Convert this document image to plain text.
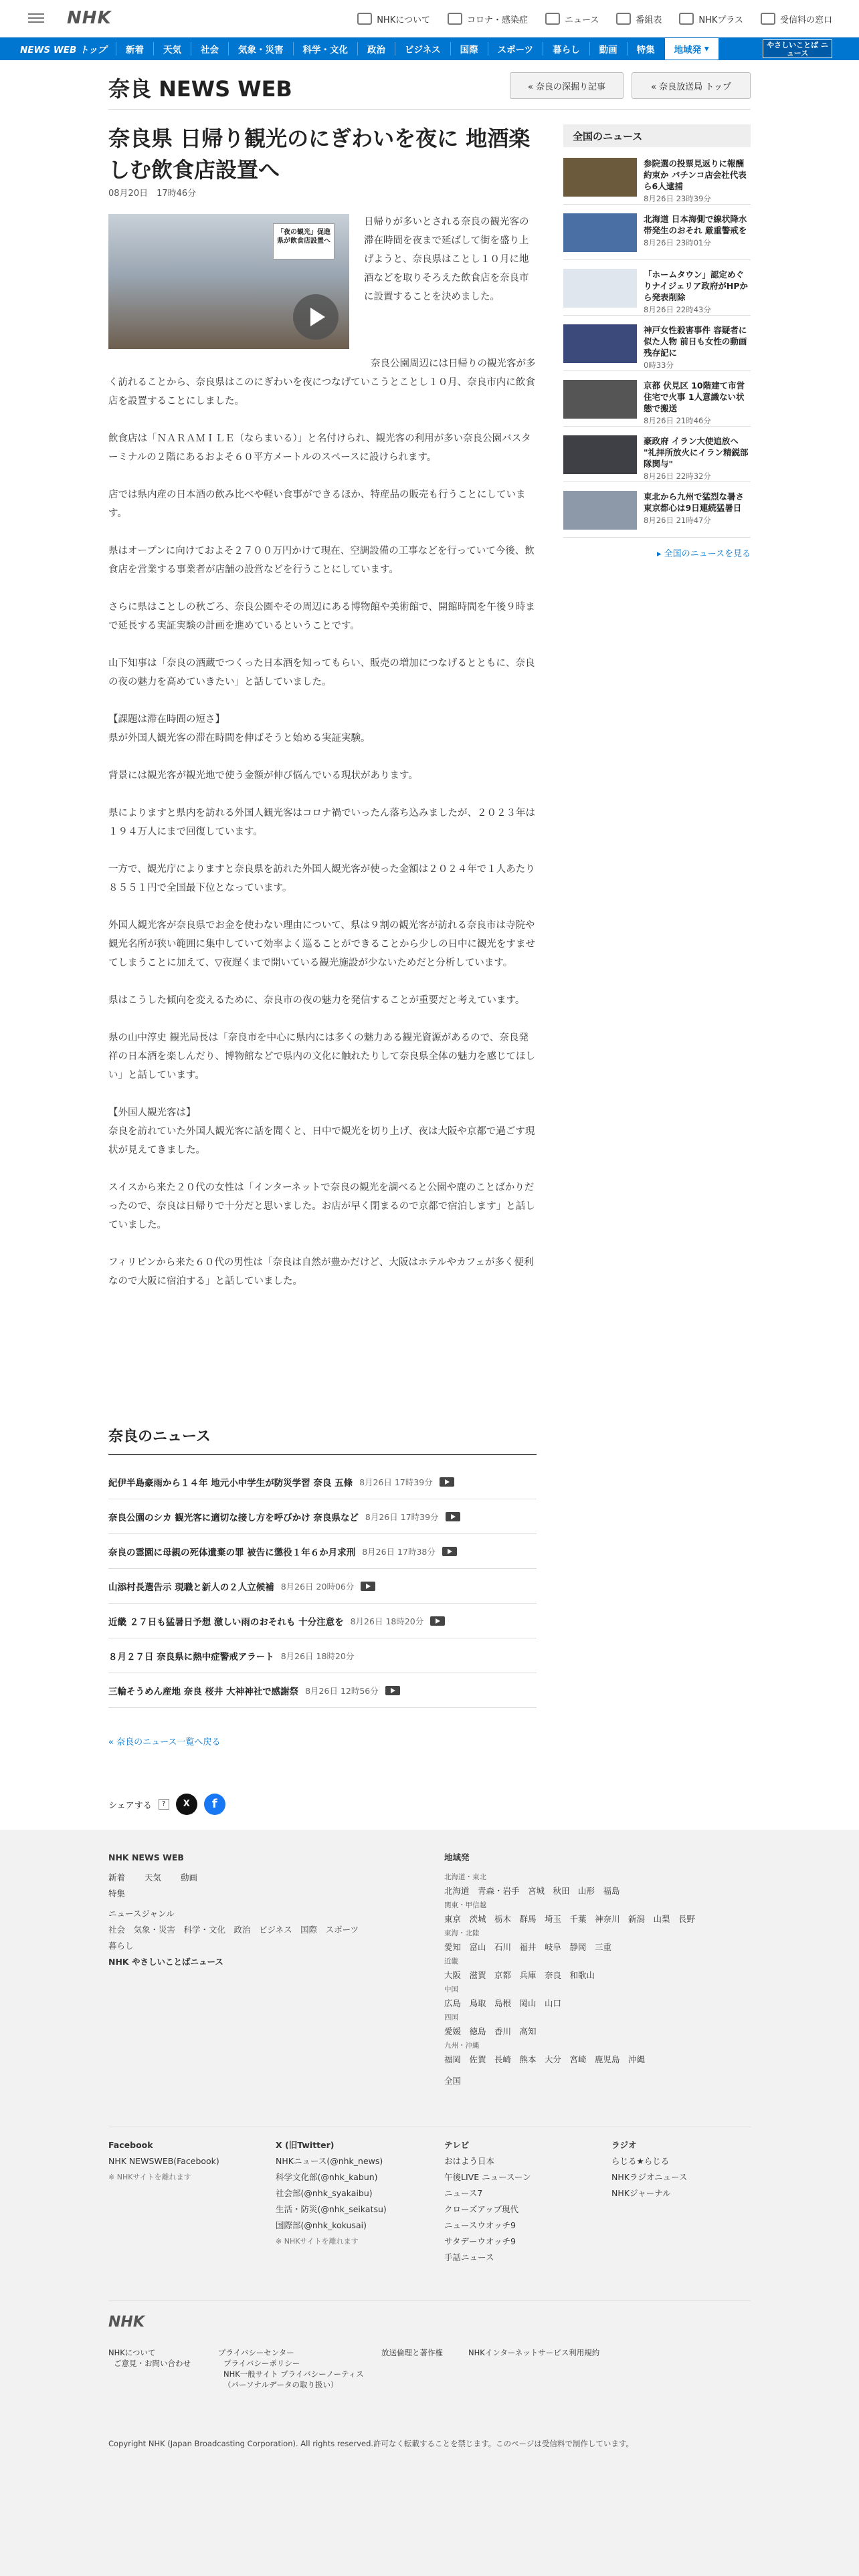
NHK	NHKについて	コロナ・感染症	ニュース	番組表	NHKプラス	受信料の窓口
NEWS WEB トップ	新着	天気	社会	気象・災害	科学・文化	政治	ビジネス	国際	スポーツ	暮らし	動画	特集	地域発 ▾	やさしいことば ニュース
奈良 NEWS WEB	« 奈良の深掘り記事	« 奈良放送局 トップ
奈良県 日帰り観光のにぎわいを夜に 地酒楽しむ飲食店設置へ
08月20日　17時46分
「夜の観光」促進 県が飲食店設置へ
日帰りが多いとされる奈良の観光客の滞在時間を夜まで延ばして街を盛り上げようと、奈良県はことし１０月に地酒などを取りそろえた飲食店を奈良市に設置することを決めました。

奈良公園周辺には日帰りの観光客が多く訪れることから、奈良県はこのにぎわいを夜につなげていこうとことし１０月、奈良市内に飲食店を設置することにしました。

飲食店は「ＮＡＲＡＭＩＬＥ（ならまいる）」と名付けられ、観光客の利用が多い奈良公園バスターミナルの２階にあるおよそ６０平方メートルのスペースに設けられます。

店では県内産の日本酒の飲み比べや軽い食事ができるほか、特産品の販売も行うことにしています。

県はオープンに向けておよそ２７００万円かけて現在、空調設備の工事などを行っていて今後、飲食店を営業する事業者が店舗の設営などを行うことにしています。

さらに県はことしの秋ごろ、奈良公園やその周辺にある博物館や美術館で、開館時間を午後９時まで延長する実証実験の計画を進めているということです。

山下知事は「奈良の酒蔵でつくった日本酒を知ってもらい、販売の増加につなげるとともに、奈良の夜の魅力を高めていきたい」と話していました。

【課題は滞在時間の短さ】
県が外国人観光客の滞在時間を伸ばそうと始める実証実験。

背景には観光客が観光地で使う金額が伸び悩んでいる現状があります。

県によりますと県内を訪れる外国人観光客はコロナ禍でいったん落ち込みましたが、２０２３年は１９４万人にまで回復しています。

一方で、観光庁によりますと奈良県を訪れた外国人観光客が使った金額は２０２４年で１人あたり８５５１円で全国最下位となっています。

外国人観光客が奈良県でお金を使わない理由について、県は９割の観光客が訪れる奈良市は寺院や観光名所が狭い範囲に集中していて効率よく巡ることができることから少しの日中に観光をすませてしまうことに加えて、▽夜遅くまで開いている観光施設が少ないためだと分析しています。

県はこうした傾向を変えるために、奈良市の夜の魅力を発信することが重要だと考えています。

県の山中淳史 観光局長は「奈良市を中心に県内には多くの魅力ある観光資源があるので、奈良発祥の日本酒を楽しんだり、博物館などで県内の文化に触れたりして奈良県全体の魅力を感じてほしい」と話しています。

【外国人観光客は】
奈良を訪れていた外国人観光客に話を聞くと、日中で観光を切り上げ、夜は大阪や京都で過ごす現状が見えてきました。

スイスから来た２０代の女性は「インターネットで奈良の観光を調べると公園や鹿のことばかりだったので、奈良は日帰りで十分だと思いました。お店が早く閉まるので京都で宿泊します」と話していました。

フィリピンから来た６０代の男性は「奈良は自然が豊かだけど、大阪はホテルやカフェが多く便利なので大阪に宿泊する」と話していました。

全国のニュース
参院選の投票見返りに報酬約束か パチンコ店会社代表ら6人逮捕
8月26日 23時39分
北海道 日本海側で線状降水帯発生のおそれ 厳重警戒を
8月26日 23時01分
「ホームタウン」認定めぐりナイジェリア政府がHPから発表削除
8月26日 22時43分
神戸女性殺害事件 容疑者に似た人物 前日も女性の動画残存記に
0時33分
京都 伏見区 10階建て市営住宅で火事 1人意識ない状態で搬送
8月26日 21時46分
豪政府 イラン大使追放へ "礼拝所放火にイラン精鋭部隊関与"
8月26日 22時32分
東北から九州で猛烈な暑さ 東京都心は9日連続猛暑日
8月26日 21時47分
▸ 全国のニュースを見る
奈良のニュース
紀伊半島豪雨から１４年 地元小中学生が防災学習 奈良 五條 8月26日 17時39分
奈良公園のシカ 観光客に適切な接し方を呼びかけ 奈良県など 8月26日 17時39分
奈良の霊園に母親の死体遺棄の罪 被告に懲役１年６か月求刑 8月26日 17時38分
山添村長選告示 現職と新人の２人立候補 8月26日 20時06分
近畿 ２７日も猛暑日予想 激しい雨のおそれも 十分注意を 8月26日 18時20分
８月２７日 奈良県に熱中症警戒アラート 8月26日 18時20分
三輪そうめん産地 奈良 桜井 大神神社で感謝祭 8月26日 12時56分
« 奈良のニュース一覧へ戻る
シェアする	?	X	f
NHK NEWS WEB

新着　　 天気　　 動画
特集
ニュースジャンル
社会　気象・災害　科学・文化　政治　ビジネス　国際　スポーツ
暮らし
NHK やさしいことばニュース
地域発
北海道・東北
北海道　青森・岩手　宮城　秋田　山形　福島
関東・甲信越
東京　茨城　栃木　群馬　埼玉　千葉　神奈川　新潟　山梨　長野
東海・北陸
愛知　富山　石川　福井　岐阜　静岡　三重
近畿
大阪　滋賀　京都　兵庫　奈良　和歌山
中国
広島　鳥取　島根　岡山　山口
四国
愛媛　徳島　香川　高知
九州・沖縄
福岡　佐賀　長崎　熊本　大分　宮崎　鹿児島　沖縄
全国
Facebook
NHK NEWSWEB(Facebook)
※ NHKサイトを離れます
X (旧Twitter)
NHKニュース(@nhk_news)
科学文化部(@nhk_kabun)
社会部(@nhk_syakaibu)
生活・防災(@nhk_seikatsu)
国際部(@nhk_kokusai)
※ NHKサイトを離れます
テレビ
おはよう日本
午後LIVE ニュースーン
ニュース7
クローズアップ現代
ニュースウオッチ9
サタデーウオッチ9
手話ニュース
ラジオ
らじる★らじる
NHKラジオニュース
NHKジャーナル
NHK
NHKについて
ご意見・お問い合わせ
プライバシーセンター
プライバシーポリシー
NHK一般サイト プライバシーノーティス（パーソナルデータの取り扱い）
放送倫理と著作権	NHKインターネットサービス利用規約
Copyright NHK (Japan Broadcasting Corporation). All rights reserved.許可なく転載することを禁じます。このページは受信料で制作しています。
